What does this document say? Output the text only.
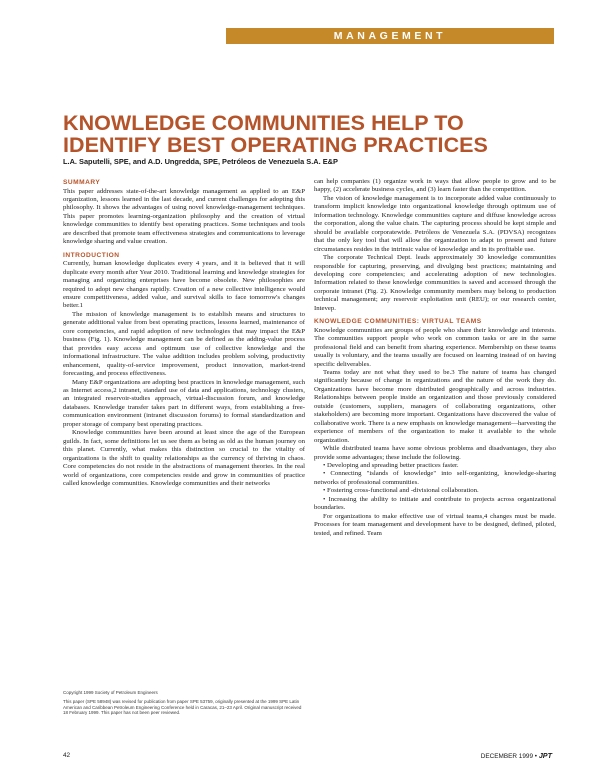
MANAGEMENT
KNOWLEDGE COMMUNITIES HELP TO IDENTIFY BEST OPERATING PRACTICES
L.A. Saputelli, SPE, and A.D. Ungredda, SPE, Petróleos de Venezuela S.A. E&P
SUMMARY

This paper addresses state-of-the-art knowledge management as applied to an E&P organization, lessons learned in the last decade, and current challenges for adopting this philosophy. It shows the advantages of using novel knowledge-management techniques. This paper promotes learning-organization philosophy and the creation of virtual knowledge communities to identify best operating practices. Some techniques and tools are described that promote team effectiveness strategies and communications to leverage knowledge sharing and value creation.

INTRODUCTION

Currently, human knowledge duplicates every 4 years, and it is believed that it will duplicate every month after Year 2010. Traditional learning and knowledge strategies for managing and organizing enterprises have become obsolete. New philosophies are required to adopt new changes rapidly. Creation of a new collective intelligence would ensure competitiveness, added value, and survival skills to face tomorrow's changes better.1

The mission of knowledge management is to establish means and structures to generate additional value from best operating practices, lessons learned, maintenance of core competencies, and rapid adoption of new technologies that may impact the E&P business (Fig. 1). Knowledge management can be defined as the adding-value process that provides easy access and optimum use of collective knowledge and the informational infrastructure. The value addition includes problem solving, productivity enhancement, quality-of-service improvement, product innovation, market-trend forecasting, and process effectiveness.

Many E&P organizations are adopting best practices in knowledge management, such as Internet access,2 intranet, standard use of data and applications, technology clusters, an integrated reservoir-studies approach, virtual-discussion forum, and knowledge databases. Knowledge transfer takes part in different ways, from establishing a free-communication environment (intranet discussion forums) to formal standardization and proper storage of company best operating practices.

Knowledge communities have been around at least since the age of the European guilds. In fact, some definitions let us see them as being as old as the human journey on this planet. Currently, what makes this distinction so crucial to the vitality of organizations is the shift to quality relationships as the currency of thriving in chaos. Core competencies do not reside in the abstractions of management theories. In the real world of organizations, core competencies reside and grow in communities of practice called knowledge communities. Knowledge communities and their networks

can help companies (1) organize work in ways that allow people to grow and to be happy, (2) accelerate business cycles, and (3) learn faster than the competition.

The vision of knowledge management is to incorporate added value continuously to transform implicit knowledge into organizational knowledge through optimum use of information technology. Knowledge communities capture and diffuse knowledge across the corporation, along the value chain. The capturing process should be kept simple and should be available corporatewide. Petróleos de Venezuela S.A. (PDVSA) recognizes that the only key tool that will allow the organization to adapt to present and future circumstances resides in the intrinsic value of knowledge and in its profitable use.

The corporate Technical Dept. leads approximately 30 knowledge communities responsible for capturing, preserving, and divulging best practices; maintaining and developing core competencies; and accelerating adoption of new technologies. Information related to these knowledge communities is saved and accessed through the corporate intranet (Fig. 2). Knowledge community members may belong to production technical management; any reservoir exploitation unit (REU); or our research center, Intevep.

KNOWLEDGE COMMUNITIES: VIRTUAL TEAMS

Knowledge communities are groups of people who share their knowledge and interests. The communities support people who work on common tasks or are in the same professional field and can benefit from sharing experience. Membership on these teams usually is voluntary, and the teams usually are focused on learning instead of on having specific deliverables.

Teams today are not what they used to be.3 The nature of teams has changed significantly because of change in organizations and the nature of the work they do. Organizations have become more distributed geographically and across industries. Relationships between people inside an organization and those previously considered outside (customers, suppliers, managers of collaborating organizations, other stakeholders) are becoming more important. Organizations have discovered the value of collaborative work. There is a new emphasis on knowledge management—harvesting the experience of members of the organization to make it available to the whole organization.

While distributed teams have some obvious problems and disadvantages, they also provide some advantages; these include the following.

• Developing and spreading better practices faster.

• Connecting "islands of knowledge" into self-organizing, knowledge-sharing networks of professional communities.

• Fostering cross-functional and -divisional collaboration.

• Increasing the ability to initiate and contribute to projects across organizational boundaries.

For organizations to make effective use of virtual teams,4 changes must be made. Processes for team management and development have to be designed, defined, piloted, tested, and refined. Team

Copyright 1999 Society of Petroleum Engineers

This paper (SPE 58948) was revised for publication from paper SPE 53759, originally presented at the 1999 SPE Latin American and Caribbean Petroleum Engineering Conference held in Caracas, 21–23 April. Original manuscript received 18 February 1999. This paper has not been peer reviewed.

42	DECEMBER 1999 • JPT
